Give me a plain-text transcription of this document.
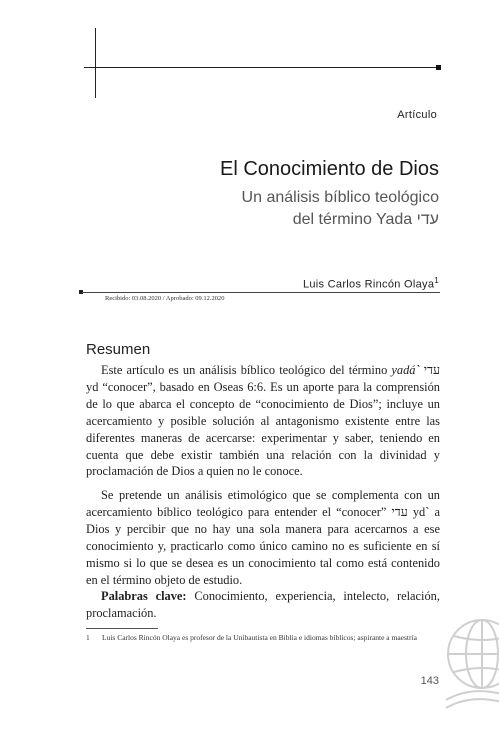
Artículo
El Conocimiento de Dios
Un análisis bíblico teológico
del término Yada עדי
Luis Carlos Rincón Olaya$^1$
Recibido: 03.08.2020 / Aprobado: 09.12.2020
Resumen

Este artículo es un análisis bíblico teológico del término yadá` עדי yd “conocer”, basado en Oseas 6:6. Es un aporte para la comprensión de lo que abarca el concepto de “conocimiento de Dios”; incluye un acercamiento y posible solución al antagonismo existente entre las diferentes maneras de acercarse: experimentar y saber, teniendo en cuenta que debe existir también una relación con la divinidad y proclamación de Dios a quien no le conoce.

Se pretende un análisis etimológico que se complementa con un acercamiento bíblico teológico para entender el “conocer” עדי yd` a Dios y percibir que no hay una sola manera para acercarnos a ese conocimiento y, practicarlo como único camino no es suficiente en sí mismo si lo que se desea es un conocimiento tal como está contenido en el término objeto de estudio.

Palabras clave: Conocimiento, experiencia, intelecto, relación, proclamación.

1 Luis Carlos Rincón Olaya es profesor de la Unibautista en Biblia e idiomas bíblicos; aspirante a maestría
143
